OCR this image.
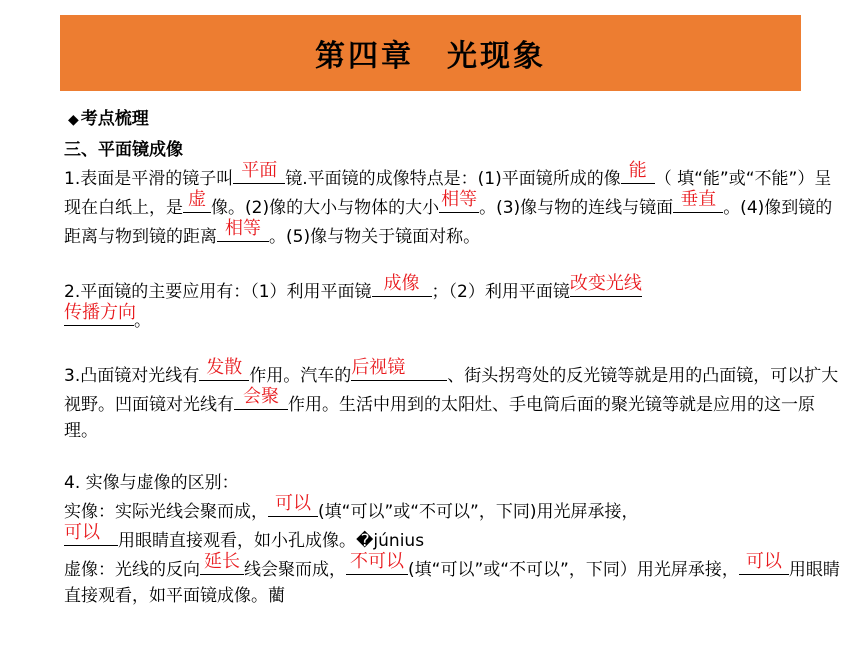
第四章　光现象
◆ 考点梳理

三、平面镜成像

1.表面是平滑的镜子叫 平面 镜.平面镜的成像特点是：(1)平面镜所成的像 能 （ 填“能”或“不能”）呈现在白纸上，是 虚 像。(2)像的大小与物体的大小 相等 。(3)像与物的连线与镜面 垂直 。(4)像到镜的距离与物到镜的距离 相等 。(5)像与物关于镜面对称。

2.平面镜的主要应用有：（1）利用平面镜 成像 ；（2）利用平面镜 改变光线

传播方向
。

3.凸面镜对光线有 发散 作用。汽车的 后视镜 、街头拐弯处的反光镜等就是用的凸面镜，可以扩大视野。凹面镜对光线有 会聚 作用。生活中用到的太阳灶、手电筒后面的聚光镜等就是应用的这一原理。

4. 实像与虚像的区别：

实像：实际光线会聚而成， 可以 (填“可以”或“不可以”，下同)用光屏承接，

可以 用眼睛直接观看，如小孔成像。�június

虚像：光线的反向 延长 线会聚而成， 不可以 (填“可以”或“不可以”，下同）用光屏承接， 可以 用眼睛直接观看，如平面镜成像。藺
